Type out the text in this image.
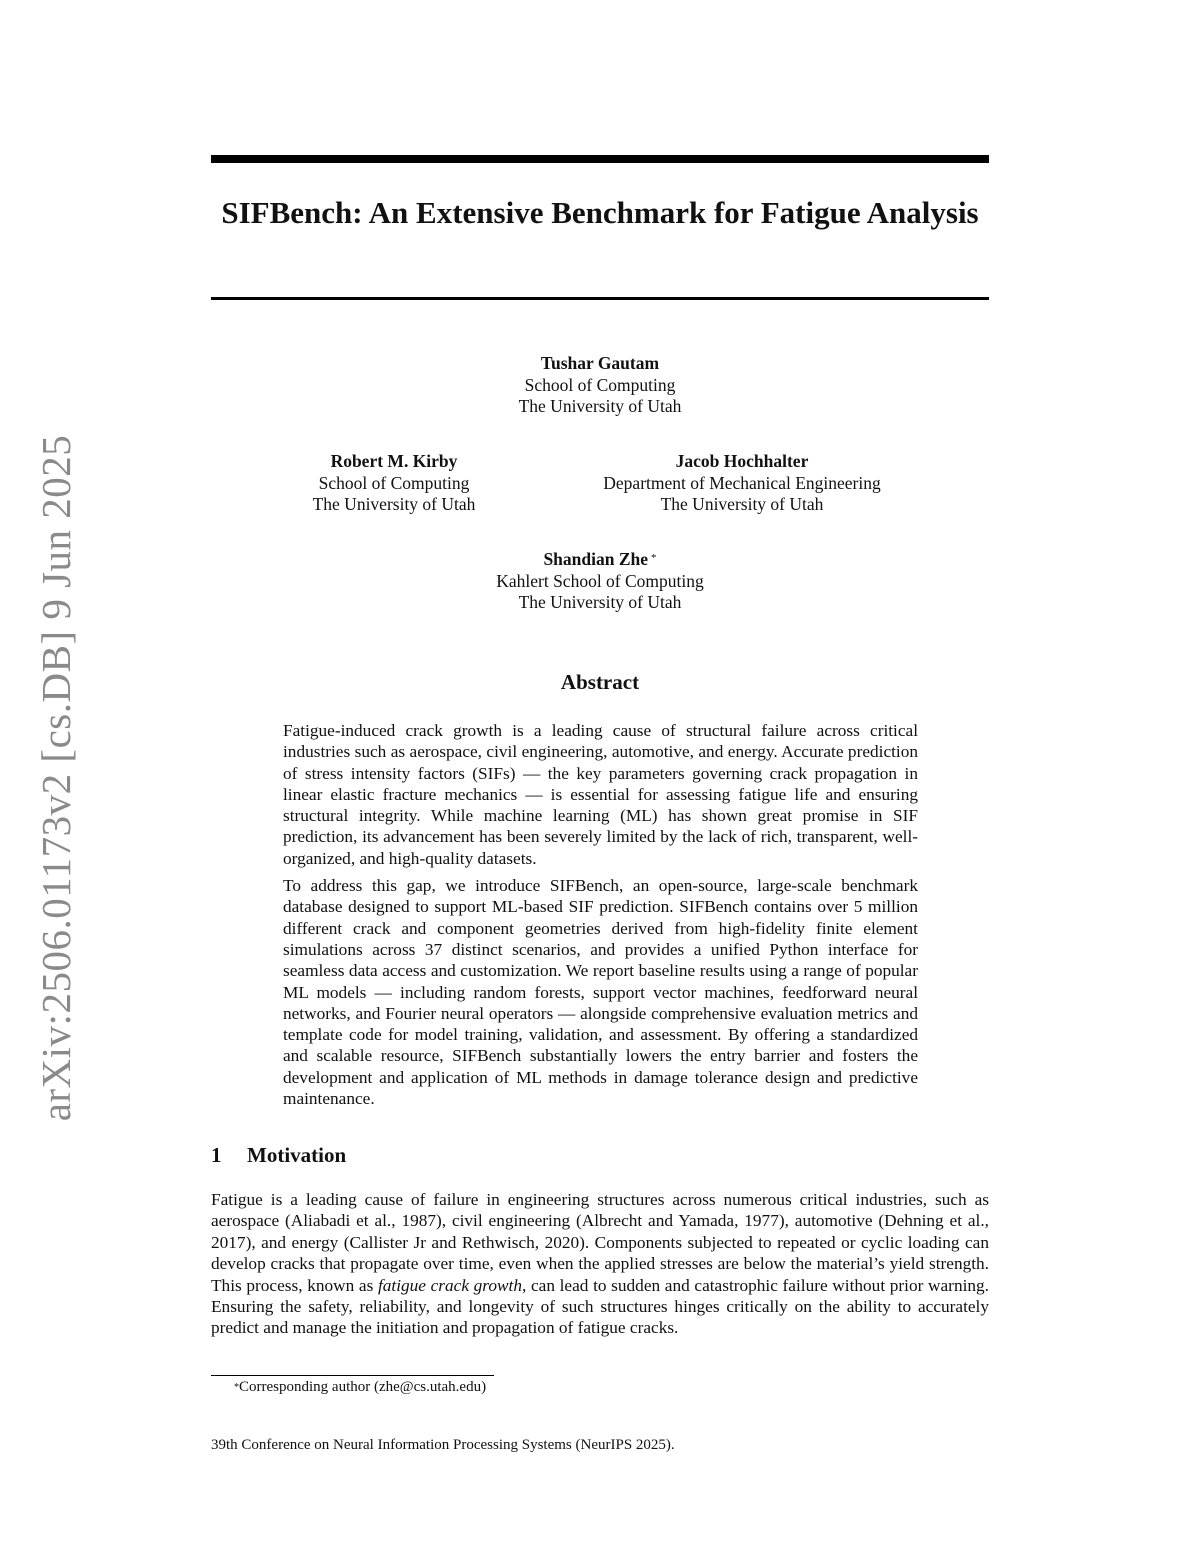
arXiv:2506.01173v2 [cs.DB] 9 Jun 2025
SIFBench: An Extensive Benchmark for Fatigue Analysis
Tushar Gautam
School of Computing
The University of Utah
Robert M. Kirby
School of Computing
The University of Utah
Jacob Hochhalter
Department of Mechanical Engineering
The University of Utah
Shandian Zhe *
Kahlert School of Computing
The University of Utah
Abstract

Fatigue-induced crack growth is a leading cause of structural failure across critical industries such as aerospace, civil engineering, automotive, and energy. Accurate prediction of stress intensity factors (SIFs) — the key parameters governing crack propagation in linear elastic fracture mechanics — is essential for assessing fatigue life and ensuring structural integrity. While machine learning (ML) has shown great promise in SIF prediction, its advancement has been severely limited by the lack of rich, transparent, well-organized, and high-quality datasets.

To address this gap, we introduce SIFBench, an open-source, large-scale benchmark database designed to support ML-based SIF prediction. SIFBench contains over 5 million different crack and component geometries derived from high-fidelity finite element simulations across 37 distinct scenarios, and provides a unified Python interface for seamless data access and customization. We report baseline results using a range of popular ML models — including random forests, support vector machines, feedforward neural networks, and Fourier neural operators — alongside comprehensive evaluation metrics and template code for model training, validation, and assessment. By offering a standardized and scalable resource, SIFBench substantially lowers the entry barrier and fosters the development and application of ML methods in damage tolerance design and predictive maintenance.

1 Motivation

Fatigue is a leading cause of failure in engineering structures across numerous critical industries, such as aerospace (Aliabadi et al., 1987), civil engineering (Albrecht and Yamada, 1977), automotive (Dehning et al., 2017), and energy (Callister Jr and Rethwisch, 2020). Components subjected to repeated or cyclic loading can develop cracks that propagate over time, even when the applied stresses are below the material’s yield strength. This process, known as fatigue crack growth, can lead to sudden and catastrophic failure without prior warning. Ensuring the safety, reliability, and longevity of such structures hinges critically on the ability to accurately predict and manage the initiation and propagation of fatigue cracks.

*Corresponding author (zhe@cs.utah.edu)
39th Conference on Neural Information Processing Systems (NeurIPS 2025).
